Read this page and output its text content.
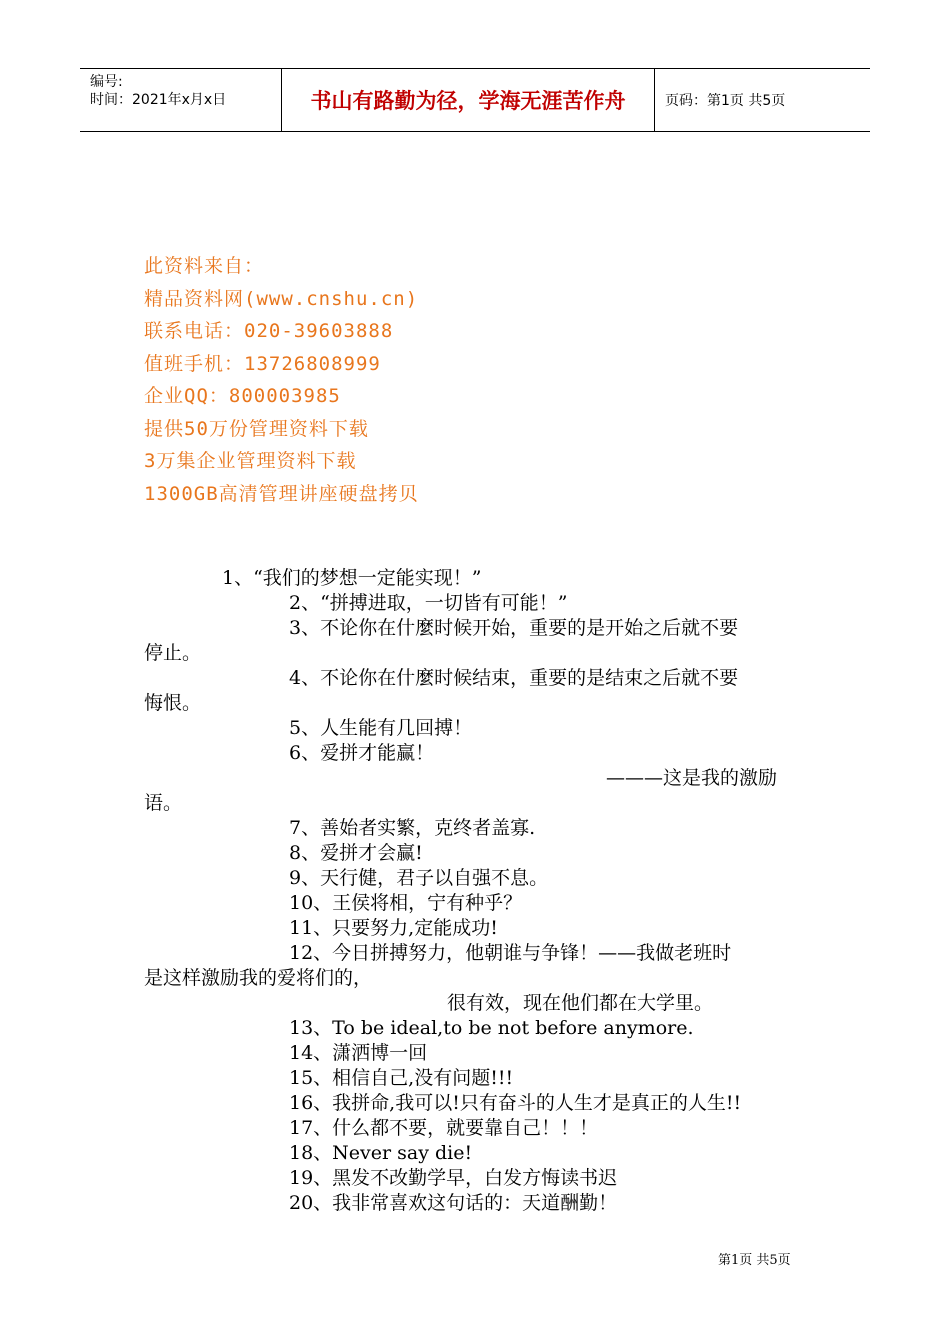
编号:
时间：2021年x月x日	书山有路勤为径，学海无涯苦作舟	页码：第1页 共5页
此资料来自：
精品资料网(www.cnshu.cn)
联系电话：020-39603888
值班手机：13726808999
企业QQ：800003985
提供50万份管理资料下载
3万集企业管理资料下载
1300GB高清管理讲座硬盘拷贝
1、“我们的梦想一定能实现！”
2、“拼搏进取，一切皆有可能！”
3、不论你在什麼时候开始，重要的是开始之后就不要
停止。
4、不论你在什麼时候结束，重要的是结束之后就不要
悔恨。
5、人生能有几回搏！
6、爱拼才能赢！
———这是我的激励
语。
7、善始者实繁，克终者盖寡.
8、爱拼才会赢!
9、天行健，君子以自强不息。
10、王侯将相，宁有种乎？
11、只要努力,定能成功!
12、今日拼搏努力，他朝谁与争锋！——我做老班时
是这样激励我的爱将们的，
很有效，现在他们都在大学里。
13、To be ideal,to be not before anymore.
14、潇洒博一回
15、相信自己,没有问题!!!
16、我拼命,我可以!只有奋斗的人生才是真正的人生!!
17、什么都不要，就要靠自己！！！
18、Never say die!
19、黑发不改勤学早，白发方悔读书迟
20、我非常喜欢这句话的：天道酬勤！
第1页 共5页
